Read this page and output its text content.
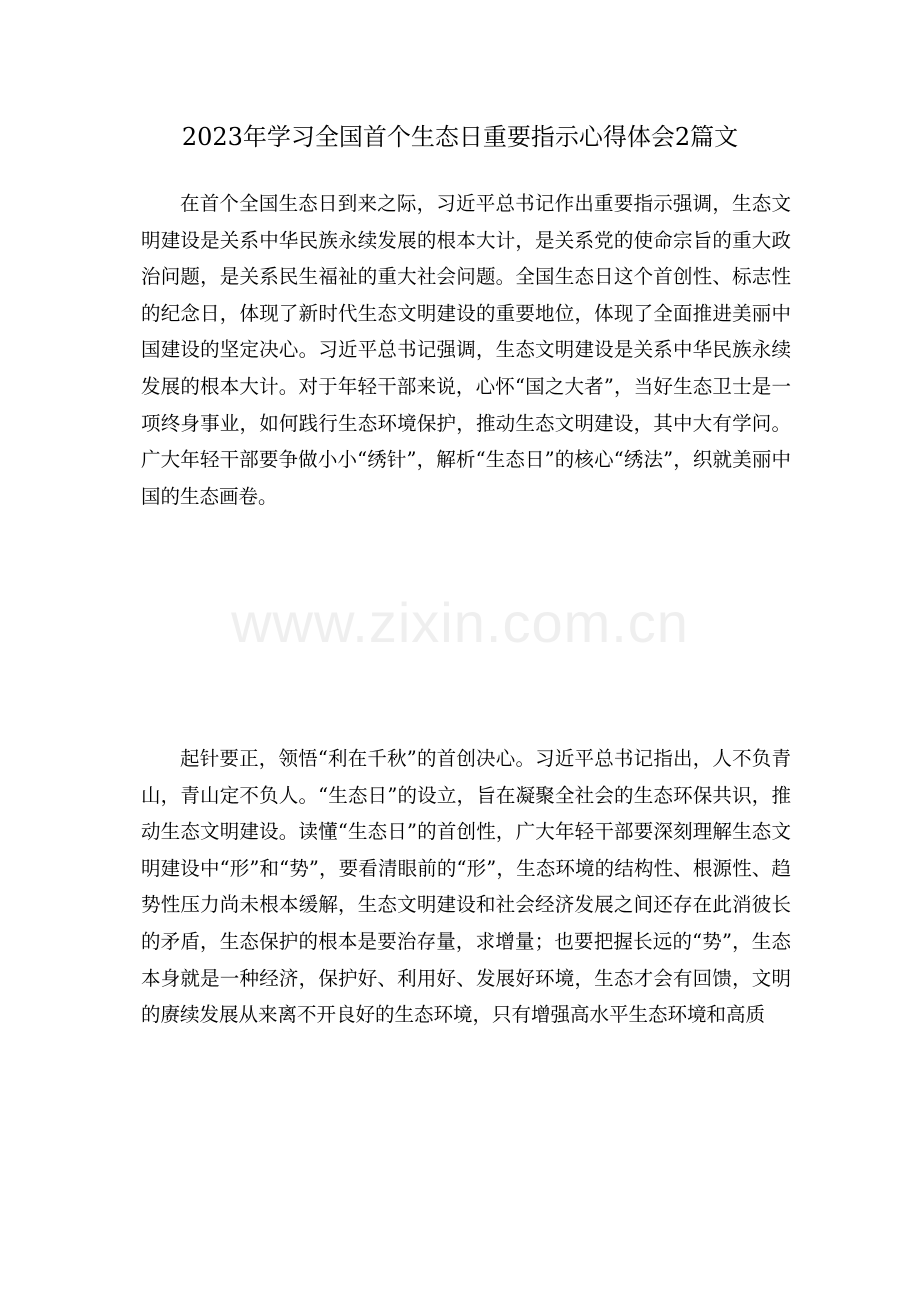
2023年学习全国首个生态日重要指示心得体会2篇文

在首个全国生态日到来之际，习近平总书记作出重要指示强调，生态文明建设是关系中华民族永续发展的根本大计，是关系党的使命宗旨的重大政治问题，是关系民生福祉的重大社会问题。全国生态日这个首创性、标志性的纪念日，体现了新时代生态文明建设的重要地位，体现了全面推进美丽中国建设的坚定决心。习近平总书记强调，生态文明建设是关系中华民族永续发展的根本大计。对于年轻干部来说，心怀“国之大者”，当好生态卫士是一项终身事业，如何践行生态环境保护，推动生态文明建设，其中大有学问。广大年轻干部要争做小小“绣针”，解析“生态日”的核心“绣法”，织就美丽中国的生态画卷。

www.zixin.com.cn

起针要正，领悟“利在千秋”的首创决心。习近平总书记指出，人不负青山，青山定不负人。“生态日”的设立，旨在凝聚全社会的生态环保共识，推动生态文明建设。读懂“生态日”的首创性，广大年轻干部要深刻理解生态文明建设中“形”和“势”，要看清眼前的“形”，生态环境的结构性、根源性、趋势性压力尚未根本缓解，生态文明建设和社会经济发展之间还存在此消彼长的矛盾，生态保护的根本是要治存量，求增量；也要把握长远的“势”，生态本身就是一种经济，保护好、利用好、发展好环境，生态才会有回馈，文明的赓续发展从来离不开良好的生态环境，只有增强高水平生态环境和高质
